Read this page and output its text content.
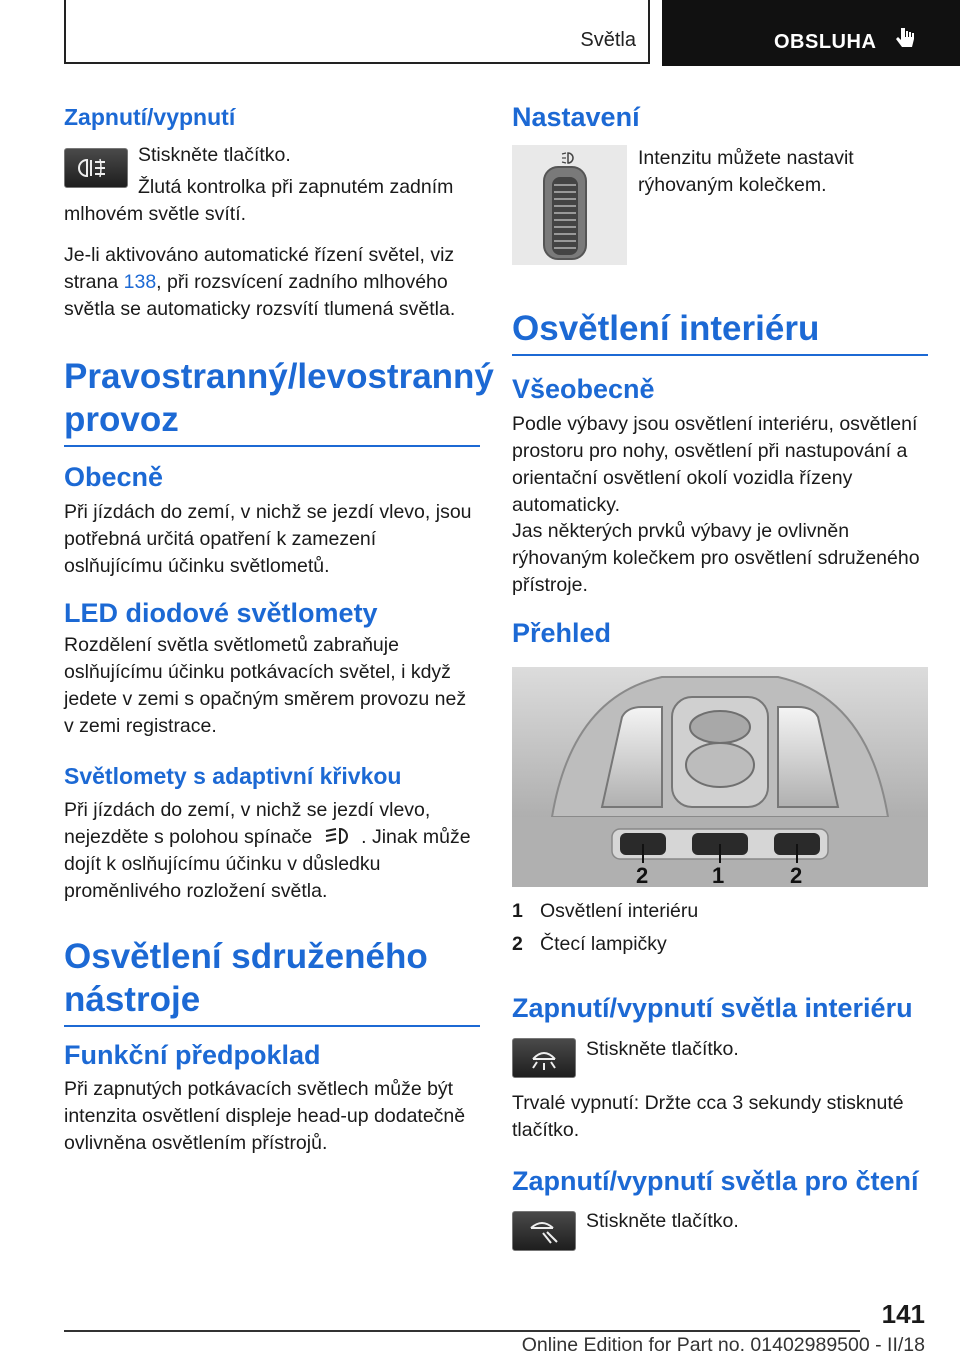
Světla	OBSLUHA
Zapnutí/vypnutí
Stiskněte tlačítko.
Žlutá kontrolka při zapnutém zadním
mlhovém světle svítí.
Je-li aktivováno automatické řízení světel, viz strana 138, při rozsvícení zadního mlhového světla se automaticky rozsvítí tlumená světla.
Pravostranný/levostranný provoz
Obecně
Při jízdách do zemí, v nichž se jezdí vlevo, jsou potřebná určitá opatření k zamezení oslňujícímu účinku světlometů.
LED diodové světlomety
Rozdělení světla světlometů zabraňuje oslňujícímu účinku potkávacích světel, i když jedete v zemi s opačným směrem provozu než v zemi registrace.
Světlomety s adaptivní křivkou
Při jízdách do zemí, v nichž se jezdí vlevo, nejezděte s polohou spínače	. Jinak může dojít k oslňujícímu účinku v důsledku proměnlivého rozložení světla.
Osvětlení sdruženého nástroje
Funkční předpoklad
Při zapnutých potkávacích světlech může být intenzita osvětlení displeje head-up dodatečně ovlivněna osvětlením přístrojů.
Nastavení
Intenzitu můžete nastavit rýhovaným kolečkem.
Osvětlení interiéru
Všeobecně
Podle výbavy jsou osvětlení interiéru, osvětlení prostoru pro nohy, osvětlení při nastupování a orientační osvětlení okolí vozidla řízeny automaticky.
Jas některých prvků výbavy je ovlivněn rýhovaným kolečkem pro osvětlení sdruženého přístroje.
Přehled
2	1	2
1 Osvětlení interiéru
2 Čtecí lampičky
Zapnutí/vypnutí světla interiéru
Stiskněte tlačítko.
Trvalé vypnutí: Držte cca 3 sekundy stisknuté tlačítko.
Zapnutí/vypnutí světla pro čtení
Stiskněte tlačítko.
141
Online Edition for Part no. 01402989500 - II/18
